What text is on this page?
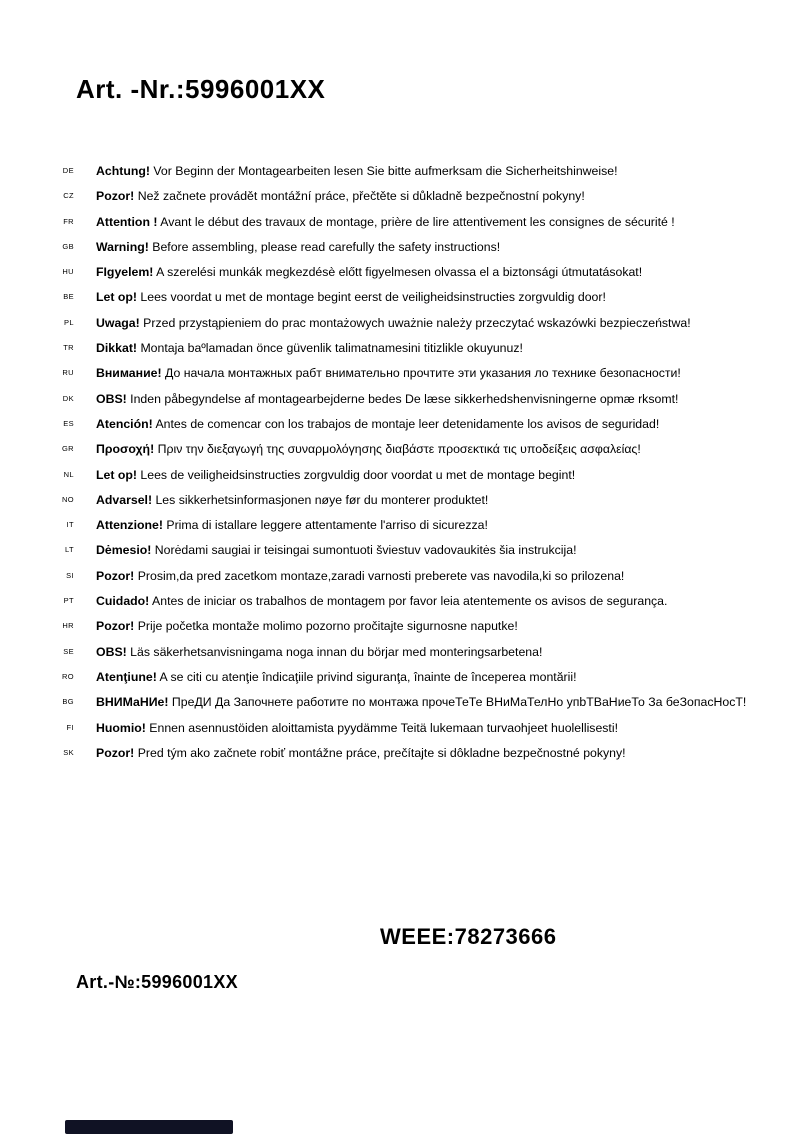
Art. -Nr.:5996001XX
DE Achtung! Vor Beginn der Montagearbeiten lesen Sie bitte aufmerksam die Sicherheitshinweise!
CZ Pozor! Než začnete provádět montážní práce, přečtěte si důkladně bezpečnostní pokyny!
FR Attention ! Avant le début des travaux de montage, prière de lire attentivement les consignes de sécurité !
GB Warning! Before assembling, please read carefully the safety instructions!
HU FIgyelem! A szerelési munkák megkezdésè előtt figyelmesen olvassa el a biztonsági útmutatásokat!
BE Let op! Lees voordat u met de montage begint eerst de veiligheidsinstructies zorgvuldig door!
PL Uwaga! Przed przystąpieniem do prac montażowych uważnie należy przeczytać wskazówki bezpieczeństwa!
TR Dikkat! Montaja baºlamadan önce güvenlik talimatnamesini titizlikle okuyunuz!
RU Внимание! До начала монтажных рабт внимательно прочтите эти указания ло технике безопасности!
DK OBS! Inden påbegyndelse af montagearbejderne bedes De læse sikkerhedshenvisningerne opmæ rksomt!
ES Atención! Antes de comencar con los trabajos de montaje leer detenidamente los avisos de seguridad!
GR Προσοχή! Πριν την διεξαγωγή της συναρμολόγησης διαβάστε προσεκτικά τις υποδείξεις ασφαλείας!
NL Let op! Lees de veiligheidsinstructies zorgvuldig door voordat u met de montage begint!
NO Advarsel! Les sikkerhetsinformasjonen nøye før du monterer produktet!
IT Attenzione! Prima di istallare leggere attentamente l'arriso di sicurezza!
LT Dėmesio! Norėdami saugiai ir teisingai sumontuoti šviestuv vadovaukitės šia instrukcija!
SI Pozor! Prosim,da pred zacetkom montaze,zaradi varnosti preberete vas navodila,ki so prilozena!
PT Cuidado! Antes de iniciar os trabalhos de montagem por favor leia atentemente os avisos de segurança.
HR Pozor! Prije početka montaže molimo pozorno pročitajte sigurnosne naputke!
SE OBS! Läs säkerhetsanvisningama noga innan du börjar med monteringsarbetena!
RO Atenţiune! A se citi cu atenţie îndicaţiile privind siguranţa, înainte de începerea montării!
BG ВНИМаНИе! ПреДИ Да Започнете работите по монтажа прочеТеТе ВНиМаТелНо упbТВаНиеТо За беЗопасНосТ!
FI Huomio! Ennen asennustöiden aloittamista pyydämme Teitä lukemaan turvaohjeet huolellisesti!
SK Pozor! Pred tým ako začnete robiť montážne práce, prečítajte si dôkladne bezpečnostné pokyny!
WEEE:78273666
Art.-№:5996001XX
